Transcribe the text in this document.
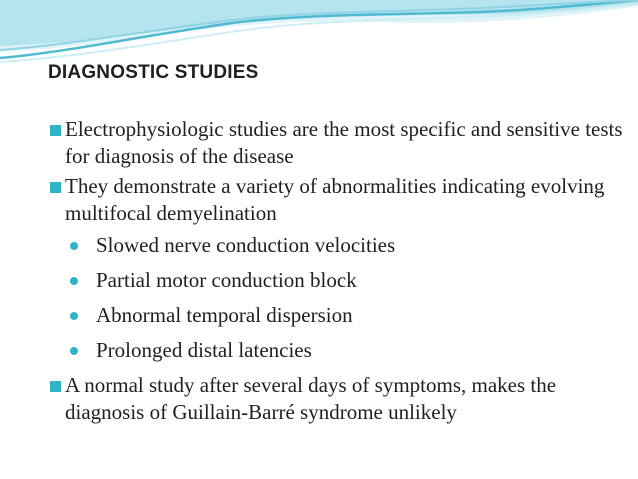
DIAGNOSTIC STUDIES
Electrophysiologic studies are the most specific and sensitive tests for diagnosis of the disease
They demonstrate a variety of abnormalities indicating evolving multifocal demyelination
Slowed nerve conduction velocities
Partial motor conduction block
Abnormal temporal dispersion
Prolonged distal latencies
A normal study after several days of symptoms, makes the diagnosis of Guillain-Barré syndrome unlikely
